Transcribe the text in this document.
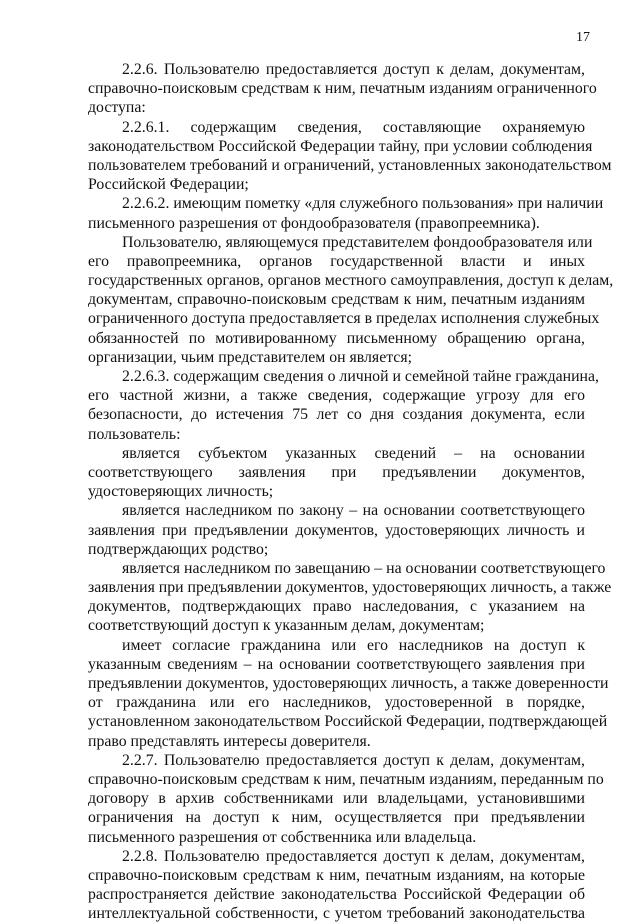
17
2.2.6. Пользователю предоставляется доступ к делам, документам,
справочно-поисковым средствам к ним, печатным изданиям ограниченного
доступа:
2.2.6.1. содержащим сведения, составляющие охраняемую
законодательством Российской Федерации тайну, при условии соблюдения
пользователем требований и ограничений, установленных законодательством
Российской Федерации;
2.2.6.2. имеющим пометку «для служебного пользования» при наличии
письменного разрешения от фондообразователя (правопреемника).
Пользователю, являющемуся представителем фондообразователя или
его правопреемника, органов государственной власти и иных
государственных органов, органов местного самоуправления, доступ к делам,
документам, справочно-поисковым средствам к ним, печатным изданиям
ограниченного доступа предоставляется в пределах исполнения служебных
обязанностей по мотивированному письменному обращению органа,
организации, чьим представителем он является;
2.2.6.3. содержащим сведения о личной и семейной тайне гражданина,
его частной жизни, а также сведения, содержащие угрозу для его
безопасности, до истечения 75 лет со дня создания документа, если
пользователь:
является субъектом указанных сведений – на основании
соответствующего заявления при предъявлении документов,
удостоверяющих личность;
является наследником по закону – на основании соответствующего
заявления при предъявлении документов, удостоверяющих личность и
подтверждающих родство;
является наследником по завещанию – на основании соответствующего
заявления при предъявлении документов, удостоверяющих личность, а также
документов, подтверждающих право наследования, с указанием на
соответствующий доступ к указанным делам, документам;
имеет согласие гражданина или его наследников на доступ к
указанным сведениям – на основании соответствующего заявления при
предъявлении документов, удостоверяющих личность, а также доверенности
от гражданина или его наследников, удостоверенной в порядке,
установленном законодательством Российской Федерации, подтверждающей
право представлять интересы доверителя.
2.2.7. Пользователю предоставляется доступ к делам, документам,
справочно-поисковым средствам к ним, печатным изданиям, переданным по
договору в архив собственниками или владельцами, установившими
ограничения на доступ к ним, осуществляется при предъявлении
письменного разрешения от собственника или владельца.
2.2.8. Пользователю предоставляется доступ к делам, документам,
справочно-поисковым средствам к ним, печатным изданиям, на которые
распространяется действие законодательства Российской Федерации об
интеллектуальной собственности, с учетом требований законодательства
